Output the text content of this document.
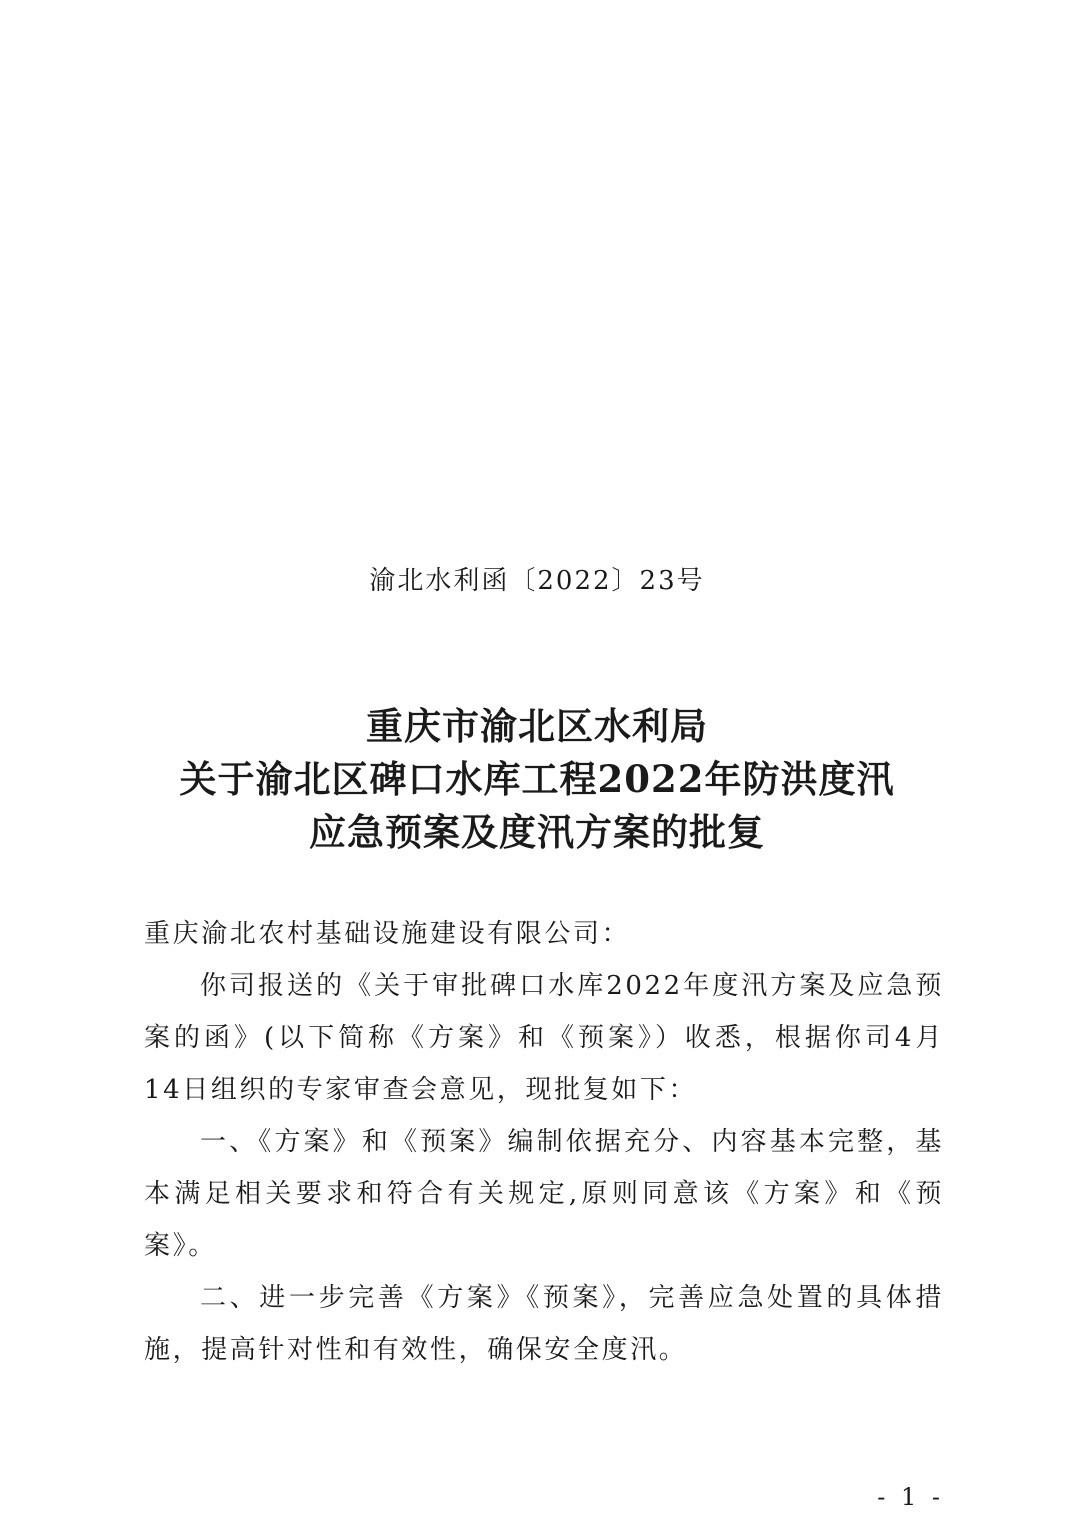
渝北水利函〔2022〕23号
重庆市渝北区水利局
关于渝北区碑口水库工程2022年防洪度汛
应急预案及度汛方案的批复

重庆渝北农村基础设施建设有限公司：

你司报送的《关于审批碑口水库2022年度汛方案及应急预案的函》(以下简称《方案》和《预案》）收悉，根据你司4月14日组织的专家审查会意见，现批复如下：

一、《方案》和《预案》编制依据充分、内容基本完整，基本满足相关要求和符合有关规定,原则同意该《方案》和《预案》。

二、进一步完善《方案》《预案》，完善应急处置的具体措施，提高针对性和有效性，确保安全度汛。

- 1 -
